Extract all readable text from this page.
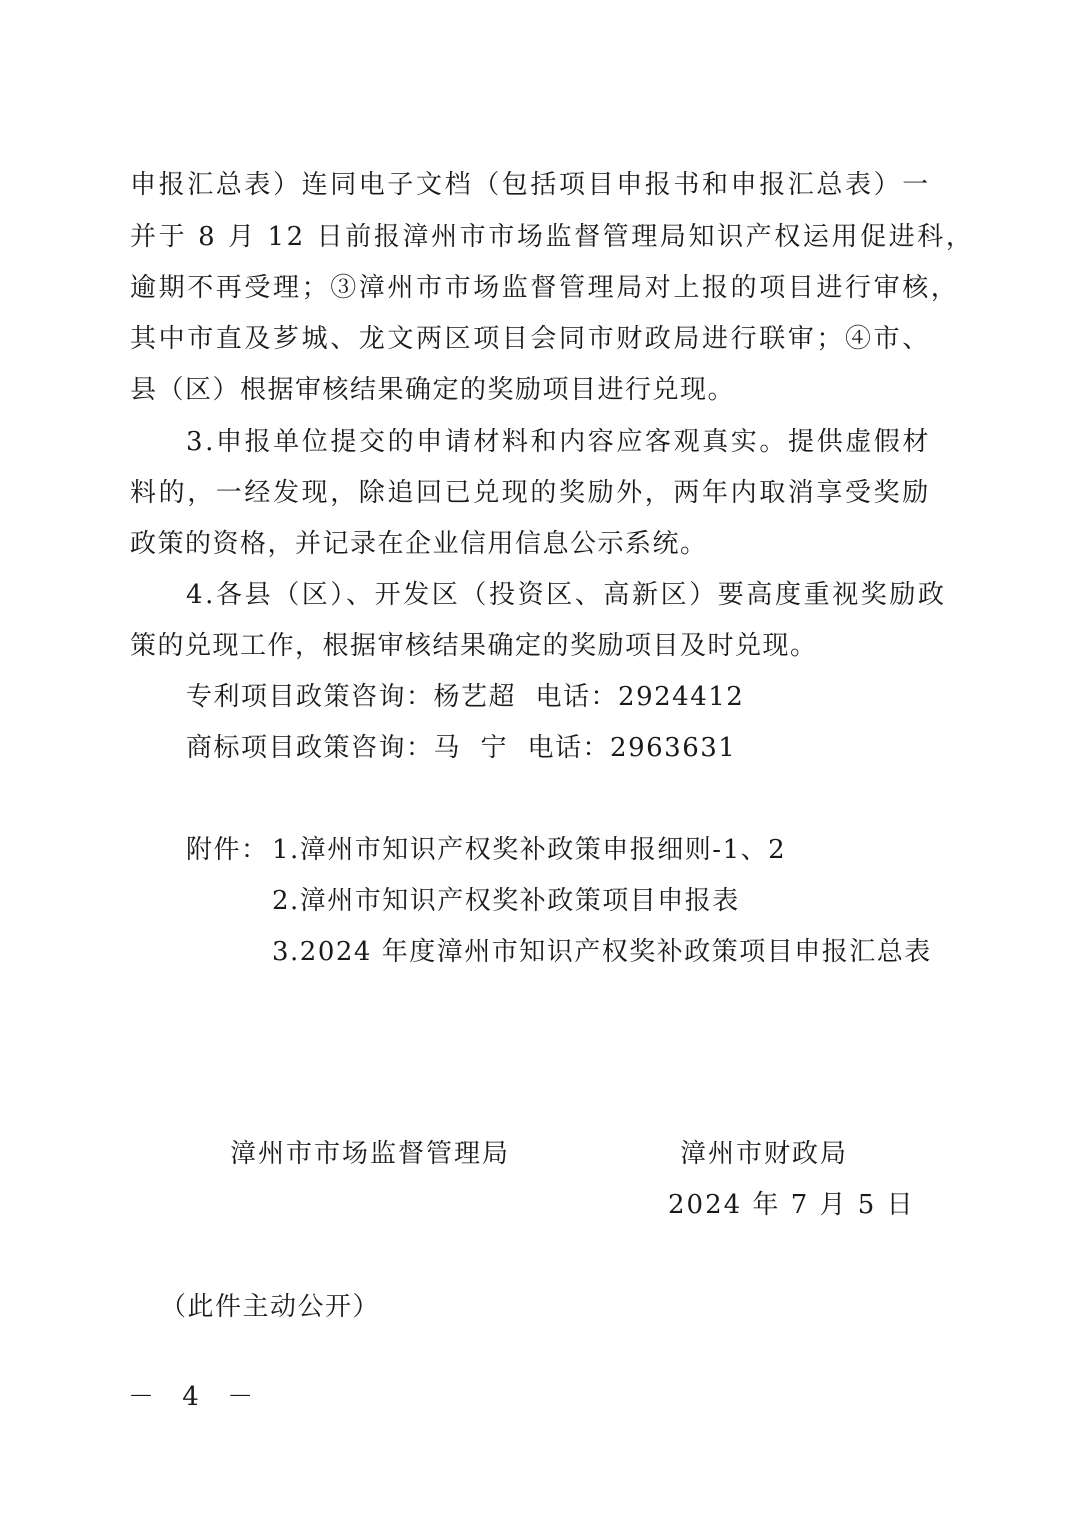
申报汇总表）连同电子文档（包括项目申报书和申报汇总表）一
并于 8 月 12 日前报漳州市市场监督管理局知识产权运用促进科，
逾期不再受理；③漳州市市场监督管理局对上报的项目进行审核，
其中市直及芗城、龙文两区项目会同市财政局进行联审；④市、
县（区）根据审核结果确定的奖励项目进行兑现。
3.申报单位提交的申请材料和内容应客观真实。提供虚假材
料的，一经发现，除追回已兑现的奖励外，两年内取消享受奖励
政策的资格，并记录在企业信用信息公示系统。
4.各县（区）、开发区（投资区、高新区）要高度重视奖励政
策的兑现工作，根据审核结果确定的奖励项目及时兑现。
专利项目政策咨询：杨艺超  电话：2924412
商标项目政策咨询：马  宁  电话：2963631
附件： 1.漳州市知识产权奖补政策申报细则-1、2
2.漳州市知识产权奖补政策项目申报表
3.2024 年度漳州市知识产权奖补政策项目申报汇总表
漳州市市场监督管理局	漳州市财政局
2024 年 7 月 5 日
（此件主动公开）
－ 4 －
